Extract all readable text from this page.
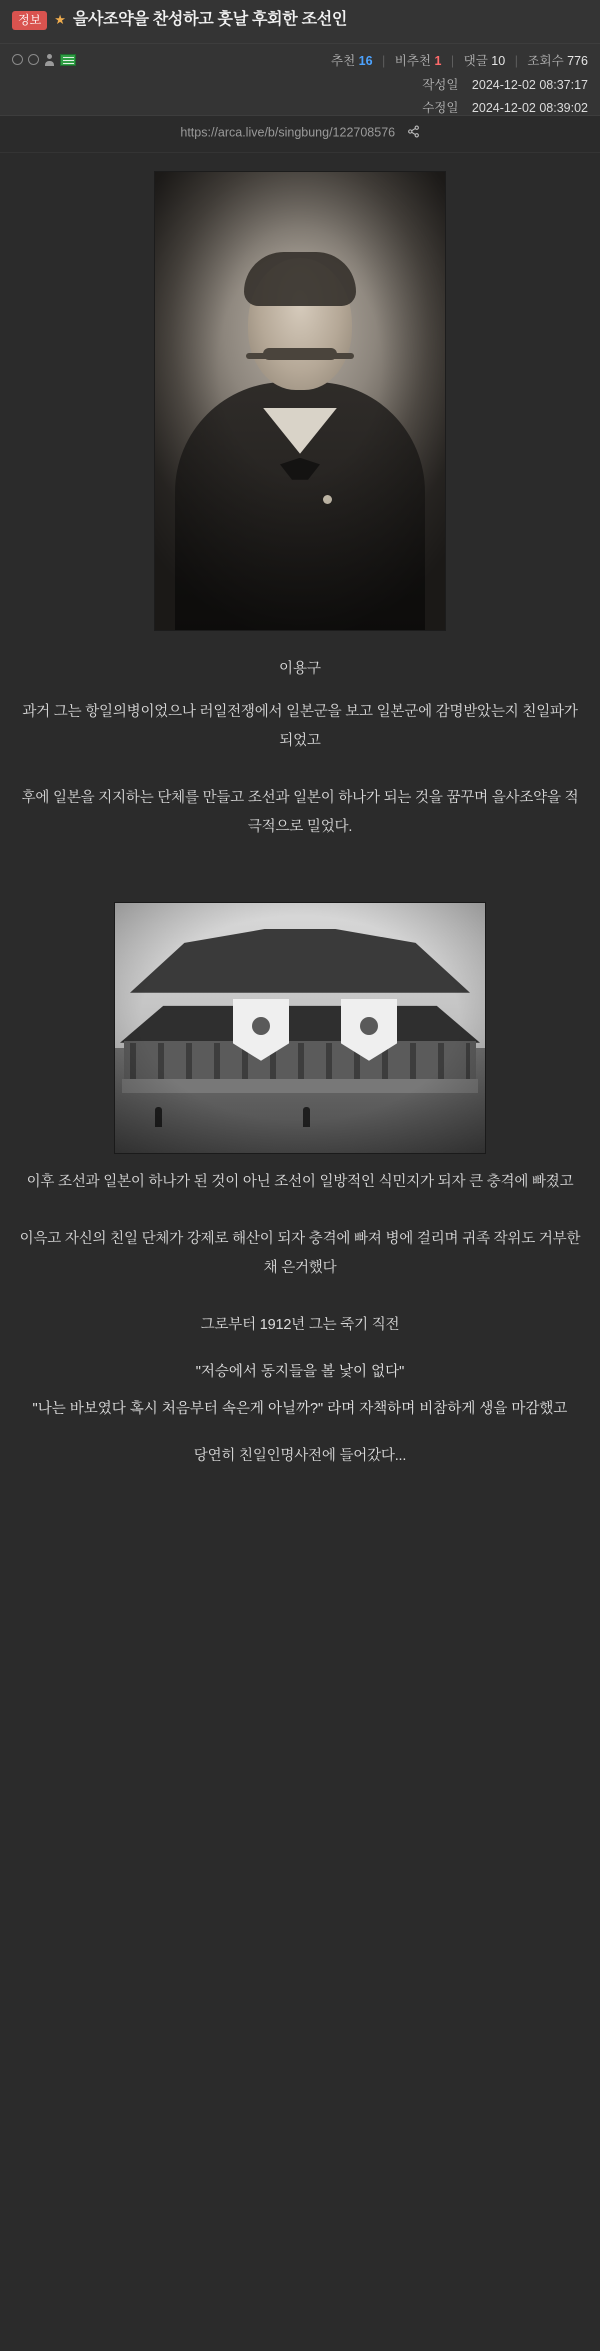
정보	★ 을사조약을 찬성하고 훗날 후회한 조선인
추천 16 | 비추천 1 | 댓글 10 | 조회수 776
작성일 2024-12-02 08:37:17
수정일 2024-12-02 08:39:02
https://arca.live/b/singbung/122708576
이용구
과거 그는 항일의병이었으나 러일전쟁에서 일본군을 보고 일본군에 감명받았는지 친일파가 되었고
후에 일본을 지지하는 단체를 만들고 조선과 일본이 하나가 되는 것을 꿈꾸며 을사조약을 적극적으로 밀었다.
이후 조선과 일본이 하나가 된 것이 아닌 조선이 일방적인 식민지가 되자 큰 충격에 빠졌고
이윽고 자신의 친일 단체가 강제로 해산이 되자 충격에 빠져 병에 걸리며 귀족 작위도 거부한채 은거했다
그로부터 1912년 그는 죽기 직전
"저승에서 동지들을 볼 낯이 없다"
"나는 바보였다 혹시 처음부터 속은게 아닐까?" 라며 자책하며 비참하게 생을 마감했고
당연히 친일인명사전에 들어갔다...
